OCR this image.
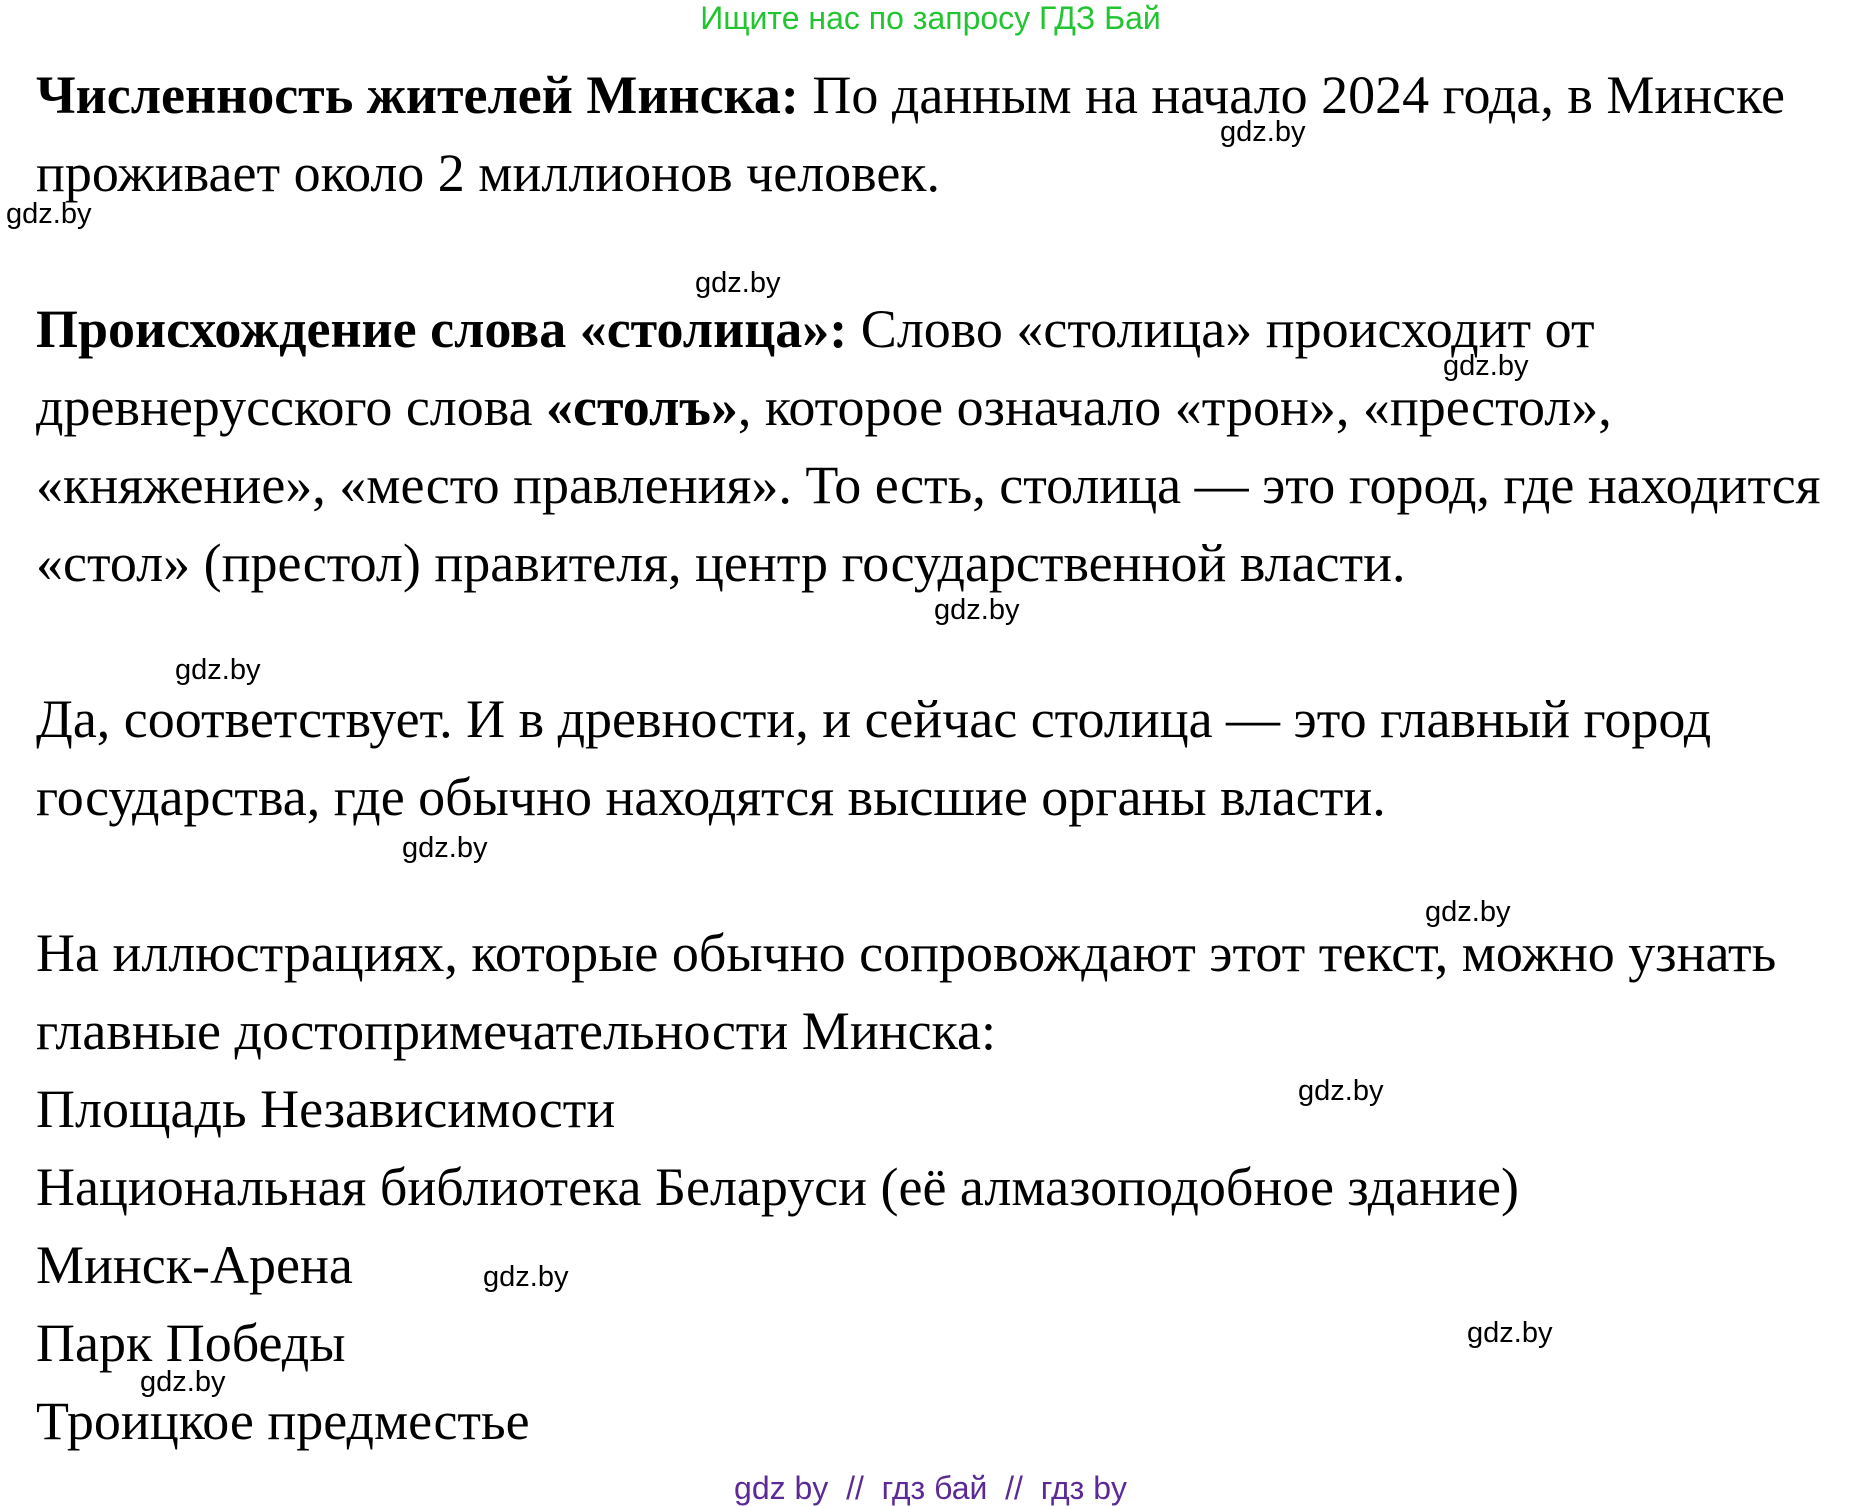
Ищите нас по запросу ГДЗ Бай

Численность жителей Минска: По данным на начало 2024 года, в Минске проживает около 2 миллионов человек.

Происхождение слова «столица»: Слово «столица» происходит от древнерусского слова «столъ», которое означало «трон», «престол», «княжение», «место правления». То есть, столица — это город, где находится «стол» (престол) правителя, центр государственной власти.

Да, соответствует. И в древности, и сейчас столица — это главный город государства, где обычно находятся высшие органы власти.

На иллюстрациях, которые обычно сопровождают этот текст, можно узнать главные достопримечательности Минска:

Площадь Независимости
Национальная библиотека Беларуси (её алмазоподобное здание)
Минск-Арена
Парк Победы
Троицкое предместье
gdz.by
gdz.by
gdz.by
gdz.by
gdz.by
gdz.by
gdz.by
gdz.by
gdz.by
gdz.by
gdz.by
gdz.by
gdz by  //  гдз бай  //  гдз by
